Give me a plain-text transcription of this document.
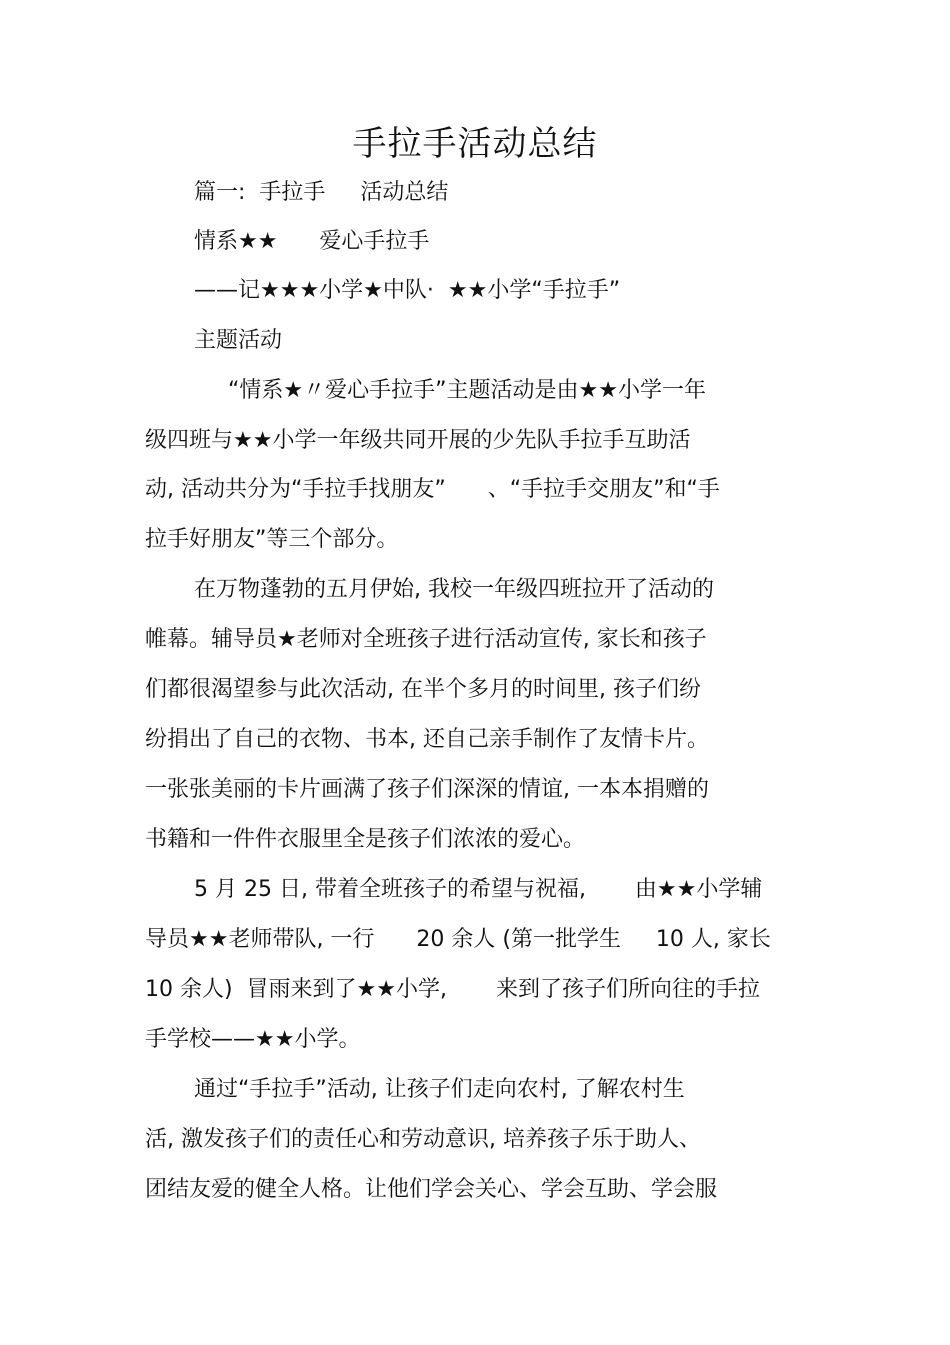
手拉手活动总结
篇一:  手拉手     活动总结
情系★★      爱心手拉手
——记★★★小学★中队·  ★★小学“手拉手”
主题活动
“情系★〃爱心手拉手”主题活动是由★★小学一年
级四班与★★小学一年级共同开展的少先队手拉手互助活
动, 活动共分为“手拉手找朋友”      、“手拉手交朋友”和“手
拉手好朋友”等三个部分。
在万物蓬勃的五月伊始, 我校一年级四班拉开了活动的
帷幕。辅导员★老师对全班孩子进行活动宣传, 家长和孩子
们都很渴望参与此次活动, 在半个多月的时间里, 孩子们纷
纷捐出了自己的衣物、书本, 还自己亲手制作了友情卡片。
一张张美丽的卡片画满了孩子们深深的情谊, 一本本捐赠的
书籍和一件件衣服里全是孩子们浓浓的爱心。
5 月 25 日, 带着全班孩子的希望与祝福,       由★★小学辅
导员★★老师带队, 一行      20 余人 (第一批学生     10 人, 家长
10 余人)  冒雨来到了★★小学,       来到了孩子们所向往的手拉
手学校——★★小学。
通过“手拉手”活动, 让孩子们走向农村, 了解农村生
活, 激发孩子们的责任心和劳动意识, 培养孩子乐于助人、
团结友爱的健全人格。让他们学会关心、学会互助、学会服
